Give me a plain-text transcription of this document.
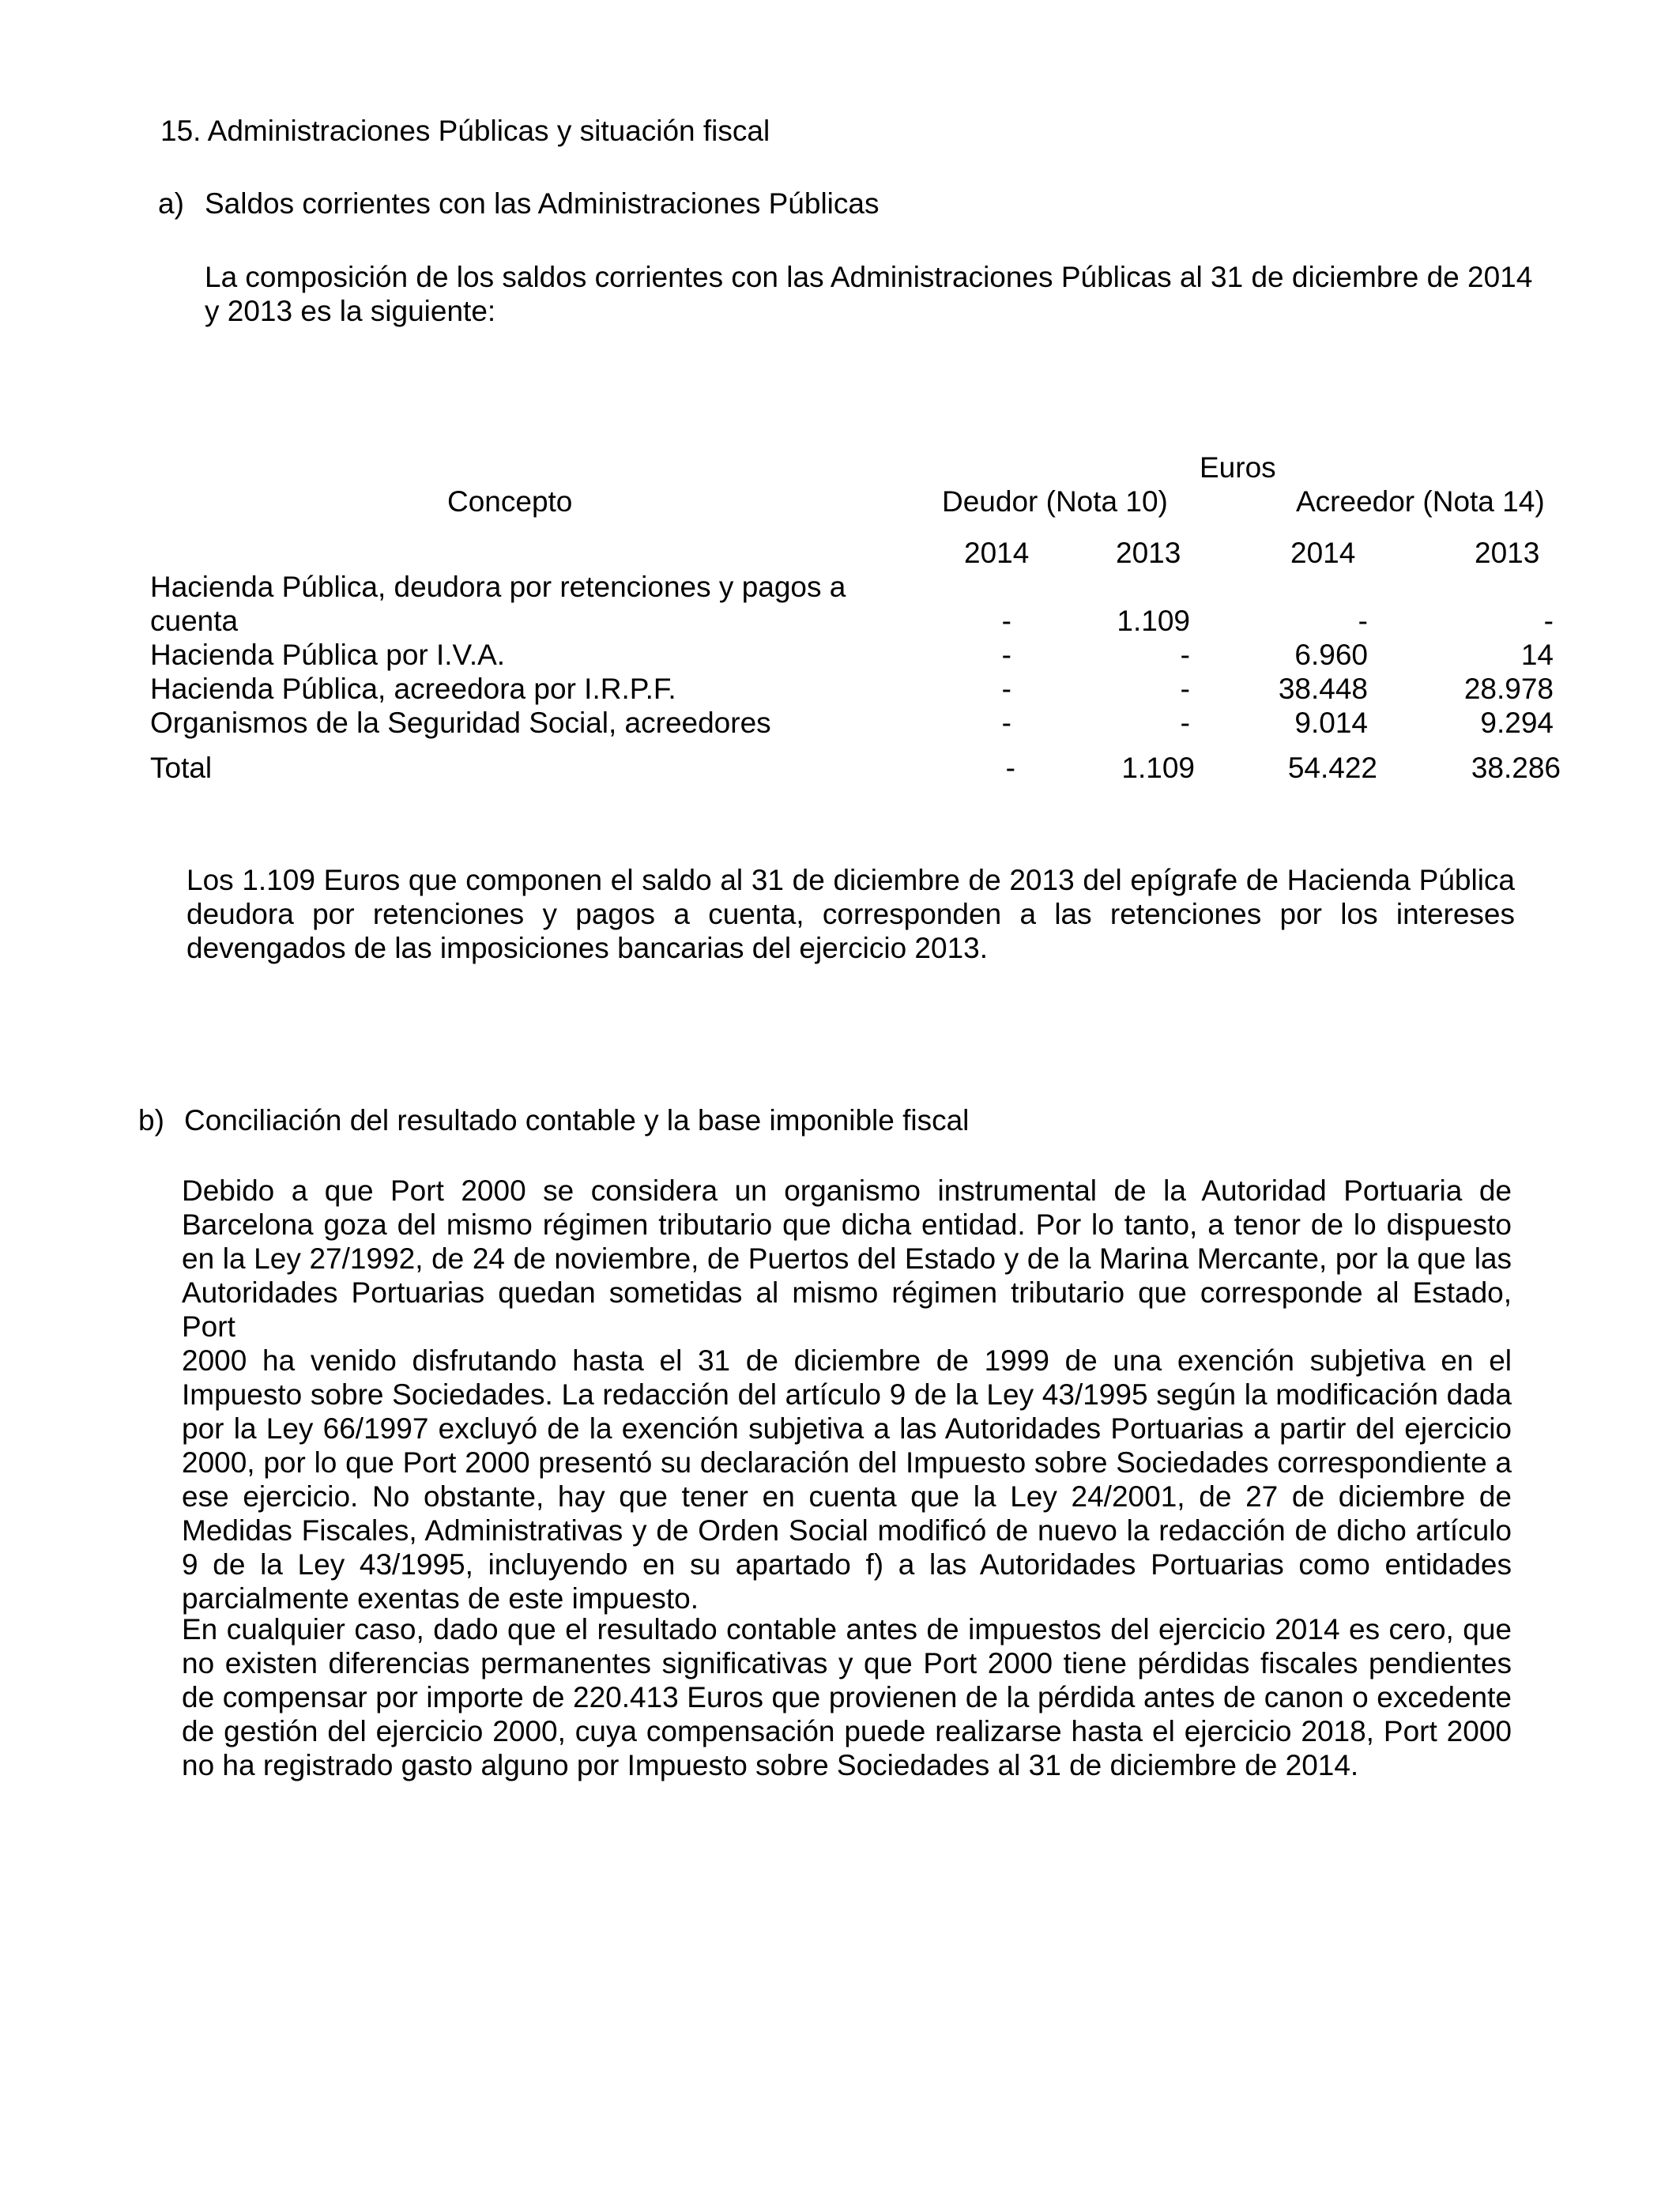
15. Administraciones Públicas y situación fiscal
a) Saldos corrientes con las Administraciones Públicas
La composición de los saldos corrientes con las Administraciones Públicas al 31 de diciembre de 2014
y 2013 es la siguiente:
Euros
Concepto	Deudor (Nota 10)	Acreedor (Nota 14)
2014	2013	2014	2013
Hacienda Pública, deudora por retenciones y pagos a
cuenta	-	1.109	-	-
Hacienda Pública por I.V.A.	-	-	6.960	14
Hacienda Pública, acreedora por I.R.P.F.	-	-	38.448	28.978
Organismos de la Seguridad Social, acreedores	-	-	9.014	9.294
Total	-	1.109	54.422	38.286
Los 1.109 Euros que componen el saldo al 31 de diciembre de 2013 del epígrafe de Hacienda Pública
deudora por retenciones y pagos a cuenta, corresponden a las retenciones por los intereses
devengados de las imposiciones bancarias del ejercicio 2013.
b) Conciliación del resultado contable y la base imponible fiscal
Debido a que Port 2000 se considera un organismo instrumental de la Autoridad Portuaria de
Barcelona goza del mismo régimen tributario que dicha entidad. Por lo tanto, a tenor de lo dispuesto
en la Ley 27/1992, de 24 de noviembre, de Puertos del Estado y de la Marina Mercante, por la que las
Autoridades Portuarias quedan sometidas al mismo régimen tributario que corresponde al Estado, Port
2000 ha venido disfrutando hasta el 31 de diciembre de 1999 de una exención subjetiva en el
Impuesto sobre Sociedades. La redacción del artículo 9 de la Ley 43/1995 según la modificación dada
por la Ley 66/1997 excluyó de la exención subjetiva a las Autoridades Portuarias a partir del ejercicio
2000, por lo que Port 2000 presentó su declaración del Impuesto sobre Sociedades correspondiente a
ese ejercicio. No obstante, hay que tener en cuenta que la Ley 24/2001, de 27 de diciembre de
Medidas Fiscales, Administrativas y de Orden Social modificó de nuevo la redacción de dicho artículo
9 de la Ley 43/1995, incluyendo en su apartado f) a las Autoridades Portuarias como entidades
parcialmente exentas de este impuesto.
En cualquier caso, dado que el resultado contable antes de impuestos del ejercicio 2014 es cero, que
no existen diferencias permanentes significativas y que Port 2000 tiene pérdidas fiscales pendientes
de compensar por importe de 220.413 Euros que provienen de la pérdida antes de canon o excedente
de gestión del ejercicio 2000, cuya compensación puede realizarse hasta el ejercicio 2018, Port 2000
no ha registrado gasto alguno por Impuesto sobre Sociedades al 31 de diciembre de 2014.
